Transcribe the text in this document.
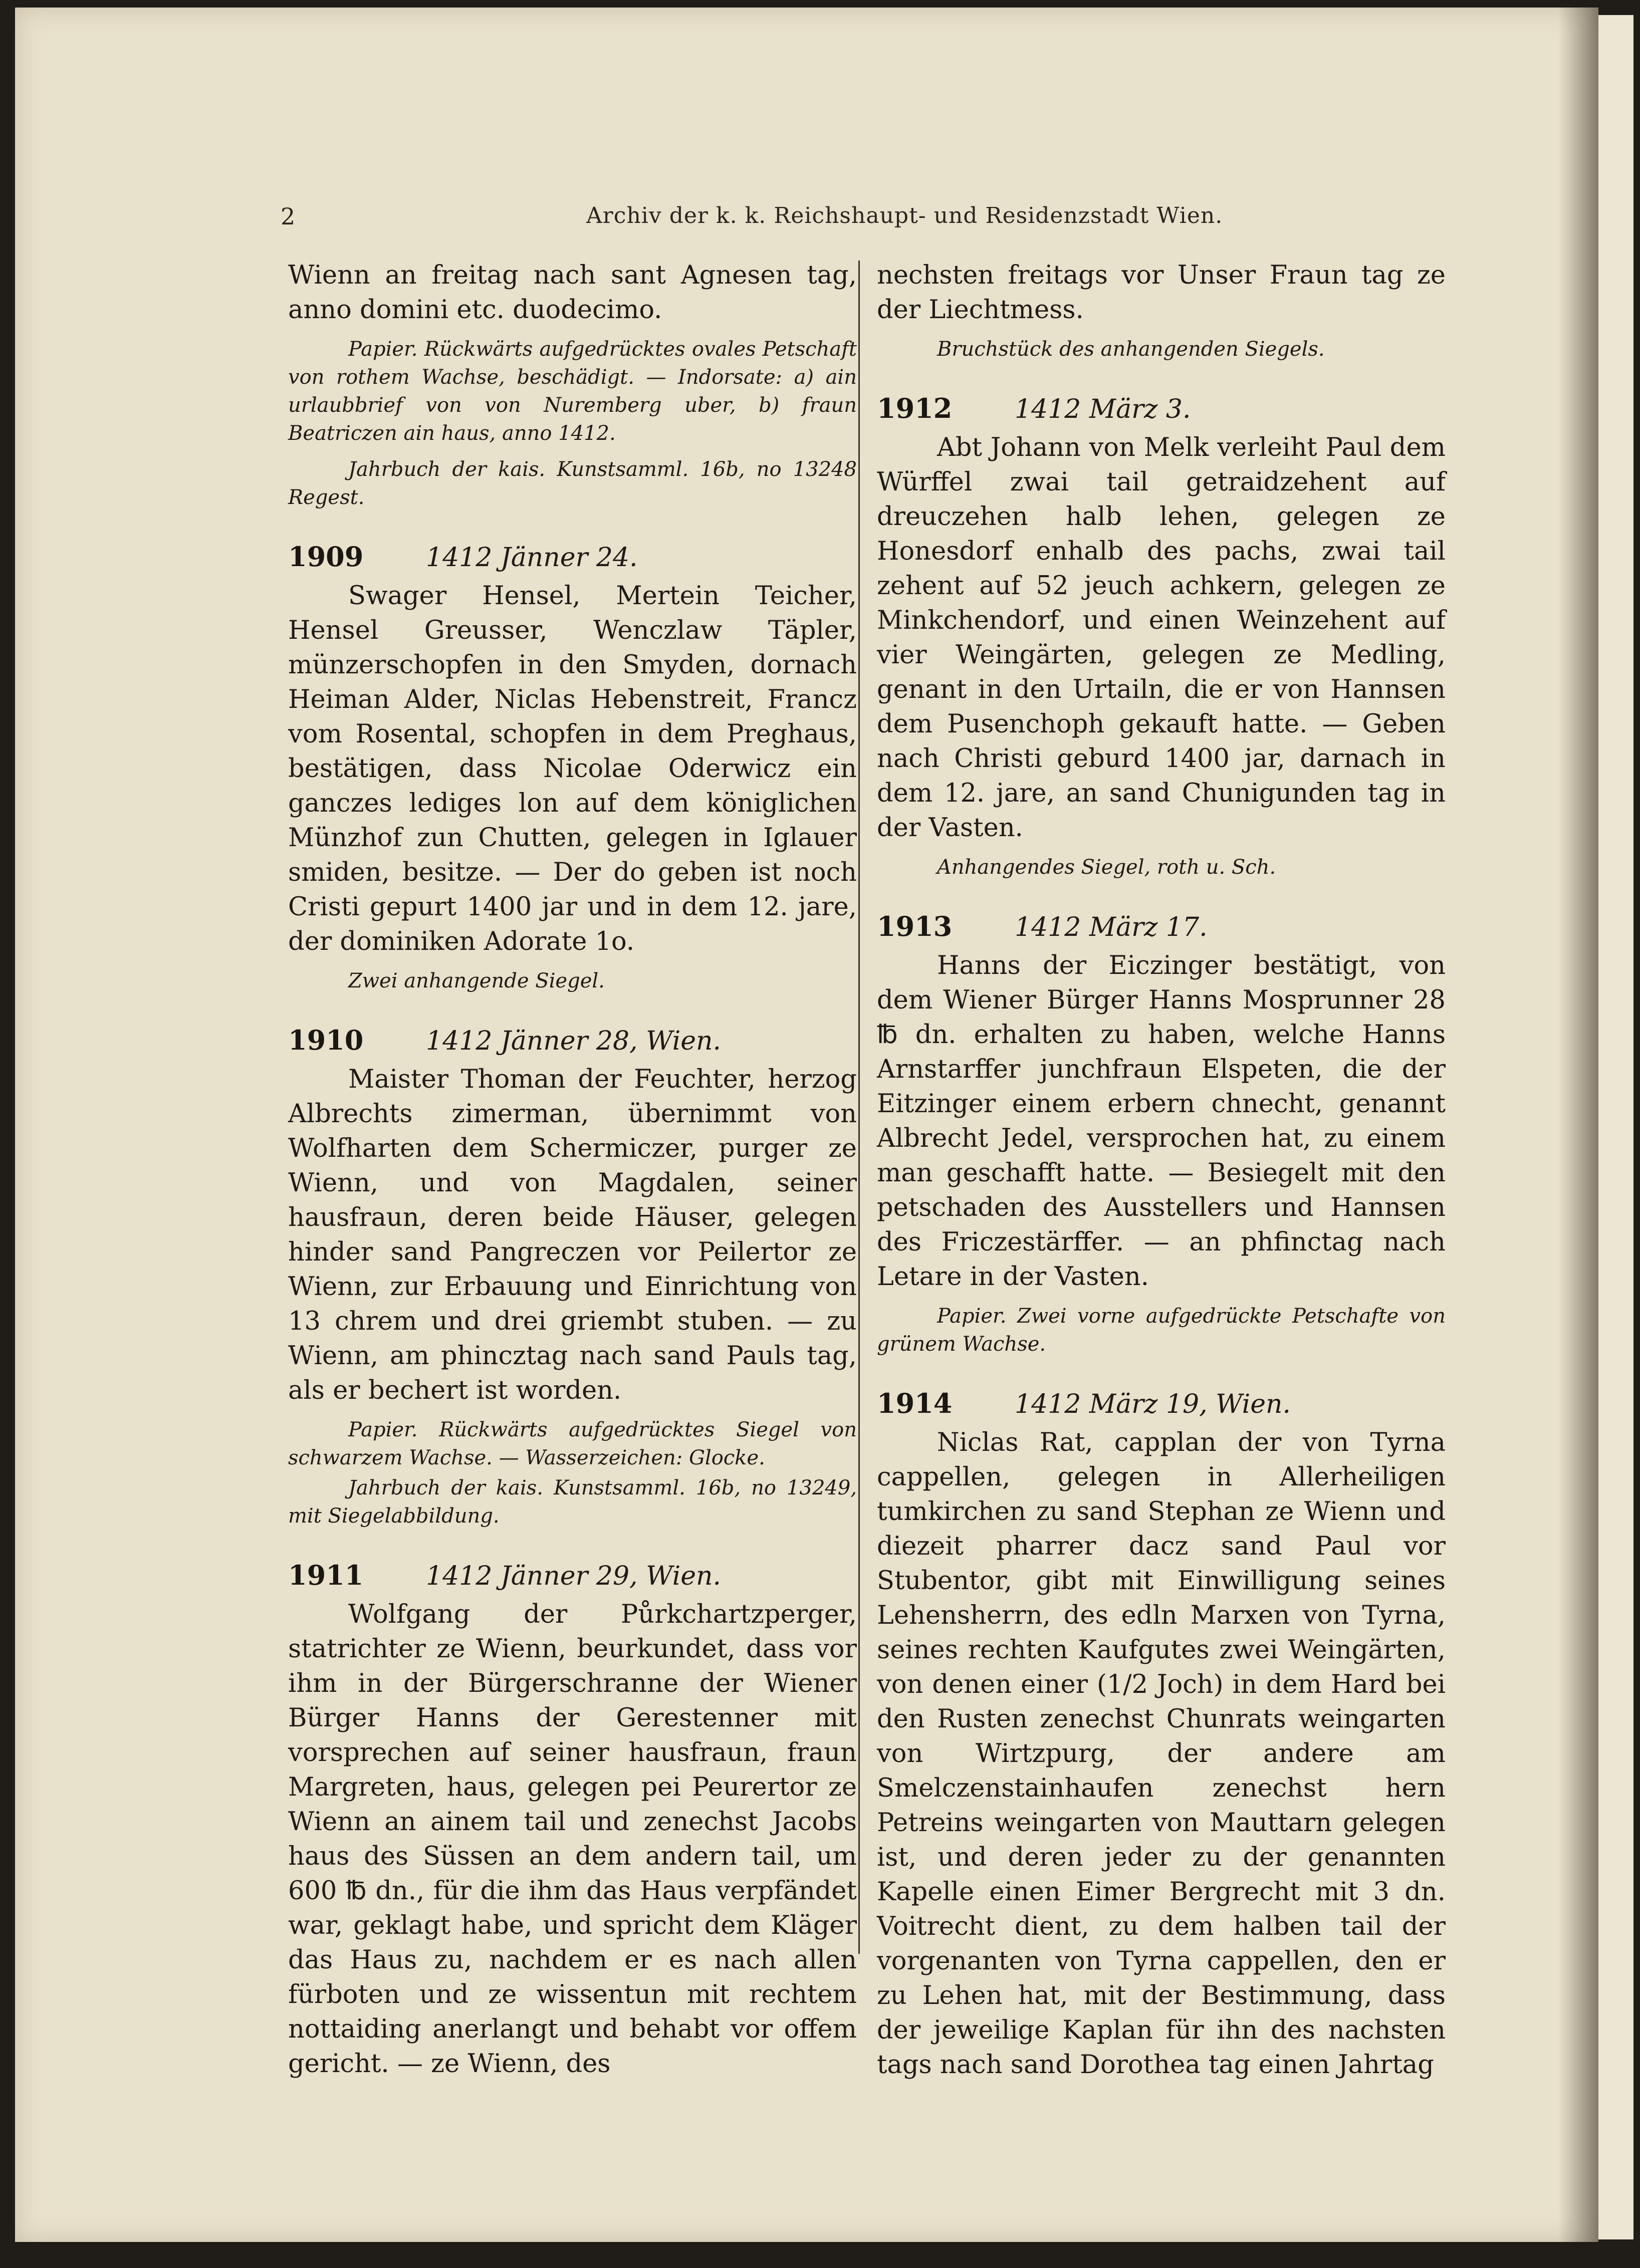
2	Archiv der k. k. Reichshaupt- und Residenzstadt Wien.

Wienn an freitag nach sant Agnesen tag, anno domini etc. duodecimo.

Papier. Rückwärts aufgedrücktes ovales Petschaft von rothem Wachse, beschädigt. — Indorsate: a) ain urlaubbrief von von Nuremberg uber, b) fraun Beatriczen ain haus, anno 1412.

Jahrbuch der kais. Kunstsamml. 16b, no 13248 Regest.

1909 1412 Jänner 24.

Swager Hensel, Mertein Teicher, Hensel Greusser, Wenczlaw Täpler, münzerschopfen in den Smyden, dornach Heiman Alder, Niclas Hebenstreit, Francz vom Rosental, schopfen in dem Preghaus, bestätigen, dass Nicolae Oderwicz ein ganczes lediges lon auf dem königlichen Münzhof zun Chutten, gelegen in Iglauer smiden, besitze. — Der do geben ist noch Cristi gepurt 1400 jar und in dem 12. jare, der dominiken Adorate 1o.

Zwei anhangende Siegel.

1910 1412 Jänner 28, Wien.

Maister Thoman der Feuchter, herzog Albrechts zimerman, übernimmt von Wolfharten dem Schermiczer, purger ze Wienn, und von Magdalen, seiner hausfraun, deren beide Häuser, gelegen hinder sand Pangreczen vor Peilertor ze Wienn, zur Erbauung und Einrichtung von 13 chrem und drei griembt stuben. — zu Wienn, am phincztag nach sand Pauls tag, als er bechert ist worden.

Papier. Rückwärts aufgedrücktes Siegel von schwarzem Wachse. — Wasserzeichen: Glocke.

Jahrbuch der kais. Kunstsamml. 16b, no 13249, mit Siegelabbildung.

1911 1412 Jänner 29, Wien.

Wolfgang der Půrkchartzperger, statrichter ze Wienn, beurkundet, dass vor ihm in der Bürgerschranne der Wiener Bürger Hanns der Gerestenner mit vorsprechen auf seiner hausfraun, fraun Margreten, haus, gelegen pei Peurertor ze Wienn an ainem tail und zenechst Jacobs haus des Süssen an dem andern tail, um 600 ℔ dn., für die ihm das Haus verpfändet war, geklagt habe, und spricht dem Kläger das Haus zu, nachdem er es nach allen fürboten und ze wissentun mit rechtem nottaiding anerlangt und behabt vor offem gericht. — ze Wienn, des

nechsten freitags vor Unser Fraun tag ze der Liechtmess.

Bruchstück des anhangenden Siegels.

1912 1412 März 3.

Abt Johann von Melk verleiht Paul dem Würffel zwai tail getraidzehent auf dreuczehen halb lehen, gelegen ze Honesdorf enhalb des pachs, zwai tail zehent auf 52 jeuch achkern, gelegen ze Minkchendorf, und einen Weinzehent auf vier Weingärten, gelegen ze Medling, genant in den Urtailn, die er von Hannsen dem Pusenchoph gekauft hatte. — Geben nach Christi geburd 1400 jar, darnach in dem 12. jare, an sand Chunigunden tag in der Vasten.

Anhangendes Siegel, roth u. Sch.

1913 1412 März 17.

Hanns der Eiczinger bestätigt, von dem Wiener Bürger Hanns Mosprunner 28 ℔ dn. erhalten zu haben, welche Hanns Arnstarffer junchfraun Elspeten, die der Eitzinger einem erbern chnecht, genannt Albrecht Jedel, versprochen hat, zu einem man geschafft hatte. — Besiegelt mit den petschaden des Ausstellers und Hannsen des Friczestärffer. — an phfinctag nach Letare in der Vasten.

Papier. Zwei vorne aufgedrückte Petschafte von grünem Wachse.

1914 1412 März 19, Wien.

Niclas Rat, capplan der von Tyrna cappellen, gelegen in Allerheiligen tumkirchen zu sand Stephan ze Wienn und diezeit pharrer dacz sand Paul vor Stubentor, gibt mit Einwilligung seines Lehensherrn, des edln Marxen von Tyrna, seines rechten Kaufgutes zwei Weingärten, von denen einer (1/2 Joch) in dem Hard bei den Rusten zenechst Chunrats weingarten von Wirtzpurg, der andere am Smelczenstainhaufen zenechst hern Petreins weingarten von Mauttarn gelegen ist, und deren jeder zu der genannten Kapelle einen Eimer Bergrecht mit 3 dn. Voitrecht dient, zu dem halben tail der vorgenanten von Tyrna cappellen, den er zu Lehen hat, mit der Bestimmung, dass der jeweilige Kaplan für ihn des nachsten tags nach sand Dorothea tag einen Jahrtag
